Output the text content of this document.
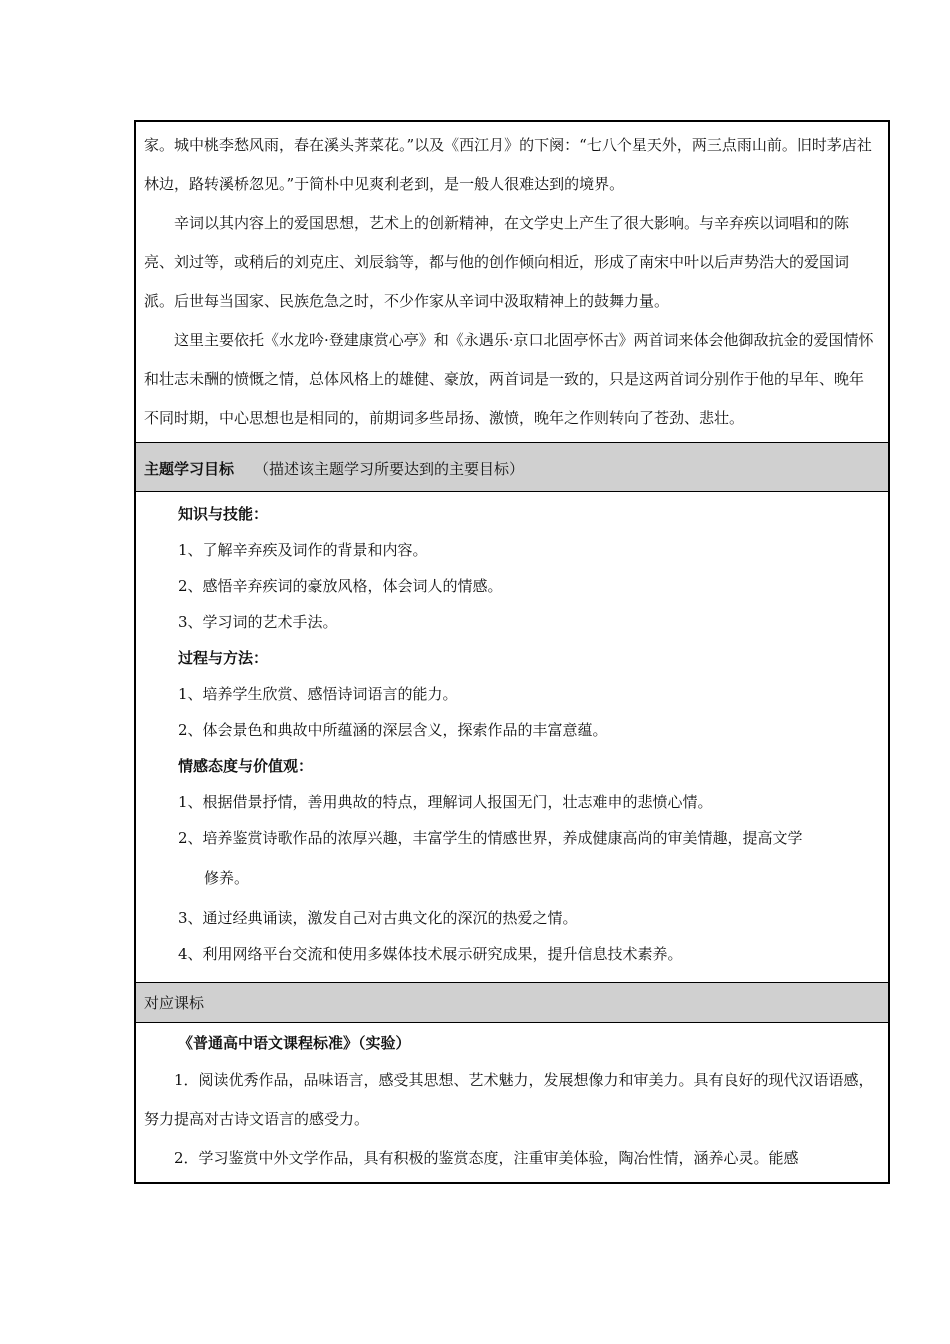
家。城中桃李愁风雨，春在溪头荠菜花。”以及《西江月》的下阕：“七八个星天外，两三点雨山前。旧时茅店社林边，路转溪桥忽见。”于简朴中见爽利老到，是一般人很难达到的境界。

辛词以其内容上的爱国思想，艺术上的创新精神，在文学史上产生了很大影响。与辛弃疾以词唱和的陈亮、刘过等，或稍后的刘克庄、刘辰翁等，都与他的创作倾向相近，形成了南宋中叶以后声势浩大的爱国词派。后世每当国家、民族危急之时，不少作家从辛词中汲取精神上的鼓舞力量。

这里主要依托《水龙吟·登建康赏心亭》和《永遇乐·京口北固亭怀古》两首词来体会他御敌抗金的爱国情怀和壮志未酬的愤慨之情，总体风格上的雄健、豪放，两首词是一致的，只是这两首词分别作于他的早年、晚年不同时期，中心思想也是相同的，前期词多些昂扬、激愤，晚年之作则转向了苍劲、悲壮。

主题学习目标 （描述该主题学习所要达到的主要目标）

知识与技能：

1、了解辛弃疾及词作的背景和内容。

2、感悟辛弃疾词的豪放风格，体会词人的情感。

3、学习词的艺术手法。

过程与方法：

1、培养学生欣赏、感悟诗词语言的能力。

2、体会景色和典故中所蕴涵的深层含义，探索作品的丰富意蕴。

情感态度与价值观：

1、根据借景抒情，善用典故的特点，理解词人报国无门，壮志难申的悲愤心情。

2、培养鉴赏诗歌作品的浓厚兴趣，丰富学生的情感世界，养成健康高尚的审美情趣，提高文学

修养。

3、通过经典诵读，激发自己对古典文化的深沉的热爱之情。

4、利用网络平台交流和使用多媒体技术展示研究成果，提升信息技术素养。

对应课标

《普通高中语文课程标准》（实验）

1．阅读优秀作品，品味语言，感受其思想、艺术魅力，发展想像力和审美力。具有良好的现代汉语语感，努力提高对古诗文语言的感受力。

2．学习鉴赏中外文学作品，具有积极的鉴赏态度，注重审美体验，陶冶性情，涵养心灵。能感
